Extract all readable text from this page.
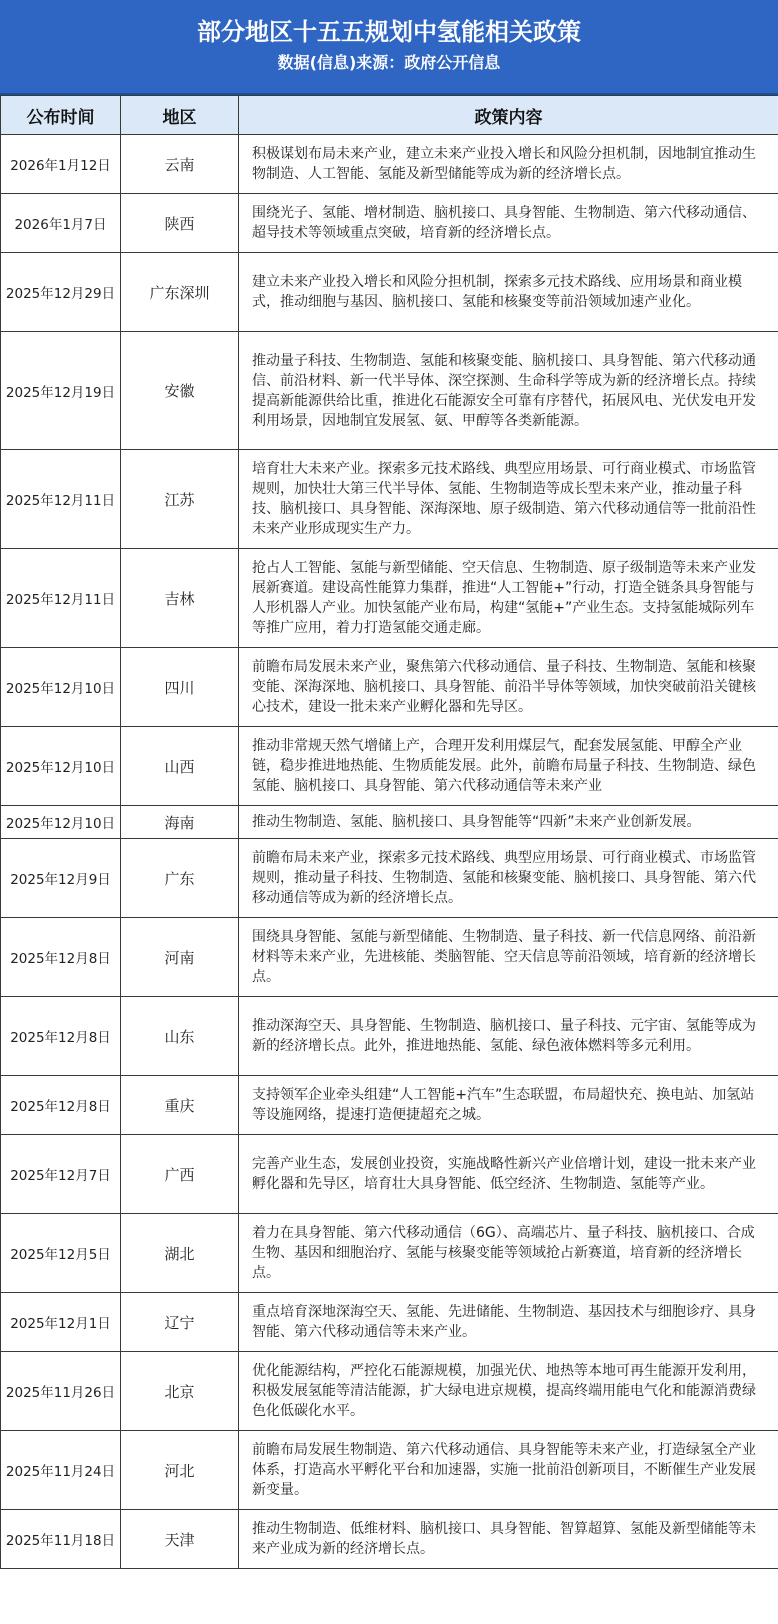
部分地区十五五规划中氢能相关政策
数据(信息)来源：政府公开信息
公布时间	地区	政策内容
2026年1月12日	云南	积极谋划布局未来产业，建立未来产业投入增长和风险分担机制，因地制宜推动生物制造、人工智能、氢能及新型储能等成为新的经济增长点。
2026年1月7日	陕西	围绕光子、氢能、增材制造、脑机接口、具身智能、生物制造、第六代移动通信、超导技术等领域重点突破，培育新的经济增长点。
2025年12月29日	广东深圳	建立未来产业投入增长和风险分担机制，探索多元技术路线、应用场景和商业模式，推动细胞与基因、脑机接口、氢能和核聚变等前沿领域加速产业化。
2025年12月19日	安徽	推动量子科技、生物制造、氢能和核聚变能、脑机接口、具身智能、第六代移动通信、前沿材料、新一代半导体、深空探测、生命科学等成为新的经济增长点。持续提高新能源供给比重，推进化石能源安全可靠有序替代，拓展风电、光伏发电开发利用场景，因地制宜发展氢、氨、甲醇等各类新能源。
2025年12月11日	江苏	培育壮大未来产业。探索多元技术路线、典型应用场景、可行商业模式、市场监管规则，加快壮大第三代半导体、氢能、生物制造等成长型未来产业，推动量子科技、脑机接口、具身智能、深海深地、原子级制造、第六代移动通信等一批前沿性未来产业形成现实生产力。
2025年12月11日	吉林	抢占人工智能、氢能与新型储能、空天信息、生物制造、原子级制造等未来产业发展新赛道。建设高性能算力集群，推进“人工智能+”行动，打造全链条具身智能与人形机器人产业。加快氢能产业布局，构建“氢能+”产业生态。支持氢能城际列车等推广应用，着力打造氢能交通走廊。
2025年12月10日	四川	前瞻布局发展未来产业，聚焦第六代移动通信、量子科技、生物制造、氢能和核聚变能、深海深地、脑机接口、具身智能、前沿半导体等领域，加快突破前沿关键核心技术，建设一批未来产业孵化器和先导区。
2025年12月10日	山西	推动非常规天然气增储上产，合理开发利用煤层气，配套发展氢能、甲醇全产业链，稳步推进地热能、生物质能发展。此外，前瞻布局量子科技、生物制造、绿色氢能、脑机接口、具身智能、第六代移动通信等未来产业
2025年12月10日	海南	推动生物制造、氢能、脑机接口、具身智能等“四新”未来产业创新发展。
2025年12月9日	广东	前瞻布局未来产业，探索多元技术路线、典型应用场景、可行商业模式、市场监管规则，推动量子科技、生物制造、氢能和核聚变能、脑机接口、具身智能、第六代移动通信等成为新的经济增长点。
2025年12月8日	河南	围绕具身智能、氢能与新型储能、生物制造、量子科技、新一代信息网络、前沿新材料等未来产业，先进核能、类脑智能、空天信息等前沿领域，培育新的经济增长点。
2025年12月8日	山东	推动深海空天、具身智能、生物制造、脑机接口、量子科技、元宇宙、氢能等成为新的经济增长点。此外，推进地热能、氢能、绿色液体燃料等多元利用。
2025年12月8日	重庆	支持领军企业牵头组建“人工智能+汽车”生态联盟，布局超快充、换电站、加氢站等设施网络，提速打造便捷超充之城。
2025年12月7日	广西	完善产业生态，发展创业投资，实施战略性新兴产业倍增计划，建设一批未来产业孵化器和先导区，培育壮大具身智能、低空经济、生物制造、氢能等产业。
2025年12月5日	湖北	着力在具身智能、第六代移动通信（6G）、高端芯片、量子科技、脑机接口、合成生物、基因和细胞治疗、氢能与核聚变能等领域抢占新赛道，培育新的经济增长点。
2025年12月1日	辽宁	重点培育深地深海空天、氢能、先进储能、生物制造、基因技术与细胞诊疗、具身智能、第六代移动通信等未来产业。
2025年11月26日	北京	优化能源结构，严控化石能源规模，加强光伏、地热等本地可再生能源开发利用，积极发展氢能等清洁能源，扩大绿电进京规模，提高终端用能电气化和能源消费绿色化低碳化水平。
2025年11月24日	河北	前瞻布局发展生物制造、第六代移动通信、具身智能等未来产业，打造绿氢全产业体系，打造高水平孵化平台和加速器，实施一批前沿创新项目，不断催生产业发展新变量。
2025年11月18日	天津	推动生物制造、低维材料、脑机接口、具身智能、智算超算、氢能及新型储能等未来产业成为新的经济增长点。
